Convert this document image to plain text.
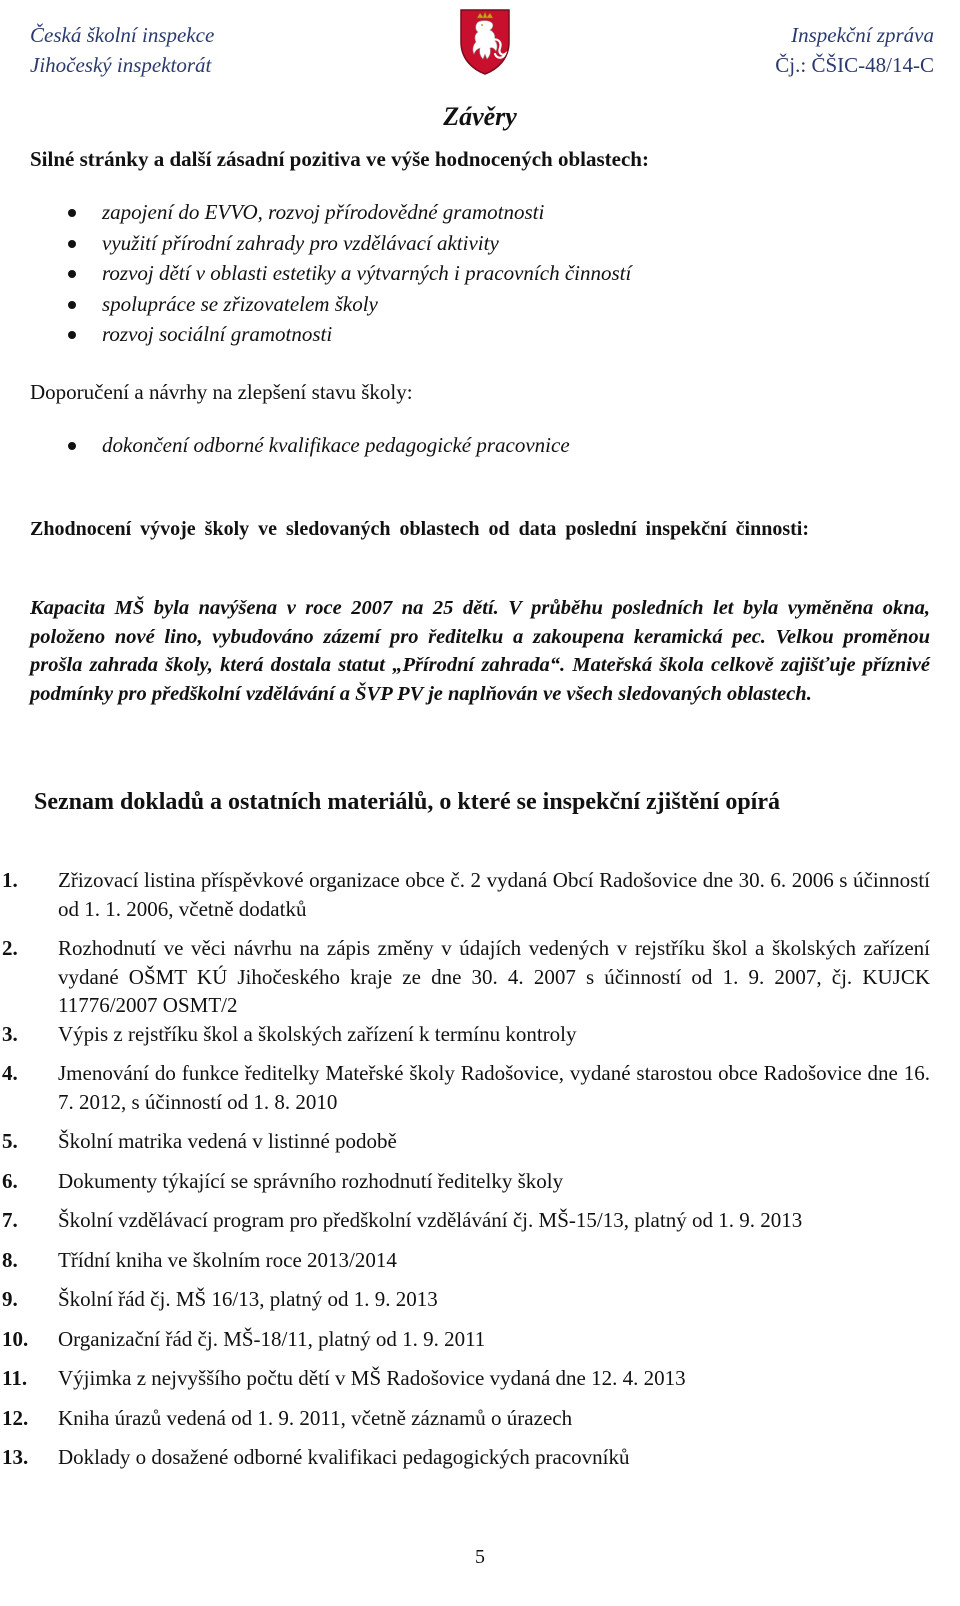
Česká školní inspekce
Jihočeský inspektorát
Inspekční zpráva
Čj.: ČŠIC-48/14-C
Závěry
Silné stránky a další zásadní pozitiva ve výše hodnocených oblastech:
zapojení do EVVO, rozvoj přírodovědné gramotnosti
využití přírodní zahrady pro vzdělávací aktivity
rozvoj dětí v oblasti estetiky a výtvarných i pracovních činností
spolupráce se zřizovatelem školy
rozvoj sociální gramotnosti
Doporučení a návrhy na zlepšení stavu školy:
dokončení odborné kvalifikace pedagogické pracovnice
Zhodnocení vývoje školy ve sledovaných oblastech od data poslední inspekční činnosti:
Kapacita MŠ byla navýšena v roce 2007 na 25 dětí. V průběhu posledních let byla vyměněna okna, položeno nové lino, vybudováno zázemí pro ředitelku a zakoupena keramická pec. Velkou proměnou prošla zahrada školy, která dostala statut „Přírodní zahrada“. Mateřská škola celkově zajišťuje příznivé podmínky pro předškolní vzdělávání a ŠVP PV je naplňován ve všech sledovaných oblastech.
Seznam dokladů a ostatních materiálů, o které se inspekční zjištění opírá
1. Zřizovací listina příspěvkové organizace obce č. 2 vydaná Obcí Radošovice dne 30. 6. 2006 s účinností od 1. 1. 2006, včetně dodatků
2. Rozhodnutí ve věci návrhu na zápis změny v údajích vedených v rejstříku škol a školských zařízení vydané OŠMT KÚ Jihočeského kraje ze dne 30. 4. 2007 s účinností od 1. 9. 2007, čj. KUJCK 11776/2007 OSMT/2
3. Výpis z rejstříku škol a školských zařízení k termínu kontroly
4. Jmenování do funkce ředitelky Mateřské školy Radošovice, vydané starostou obce Radošovice dne 16. 7. 2012, s účinností od 1. 8. 2010
5. Školní matrika vedená v listinné podobě
6. Dokumenty týkající se správního rozhodnutí ředitelky školy
7. Školní vzdělávací program pro předškolní vzdělávání čj. MŠ-15/13, platný od 1. 9. 2013
8. Třídní kniha ve školním roce 2013/2014
9. Školní řád čj. MŠ 16/13, platný od 1. 9. 2013
10. Organizační řád čj. MŠ-18/11, platný od 1. 9. 2011
11. Výjimka z nejvyššího počtu dětí v MŠ Radošovice vydaná dne 12. 4. 2013
12. Kniha úrazů vedená od 1. 9. 2011, včetně záznamů o úrazech
13. Doklady o dosažené odborné kvalifikaci pedagogických pracovníků
5
